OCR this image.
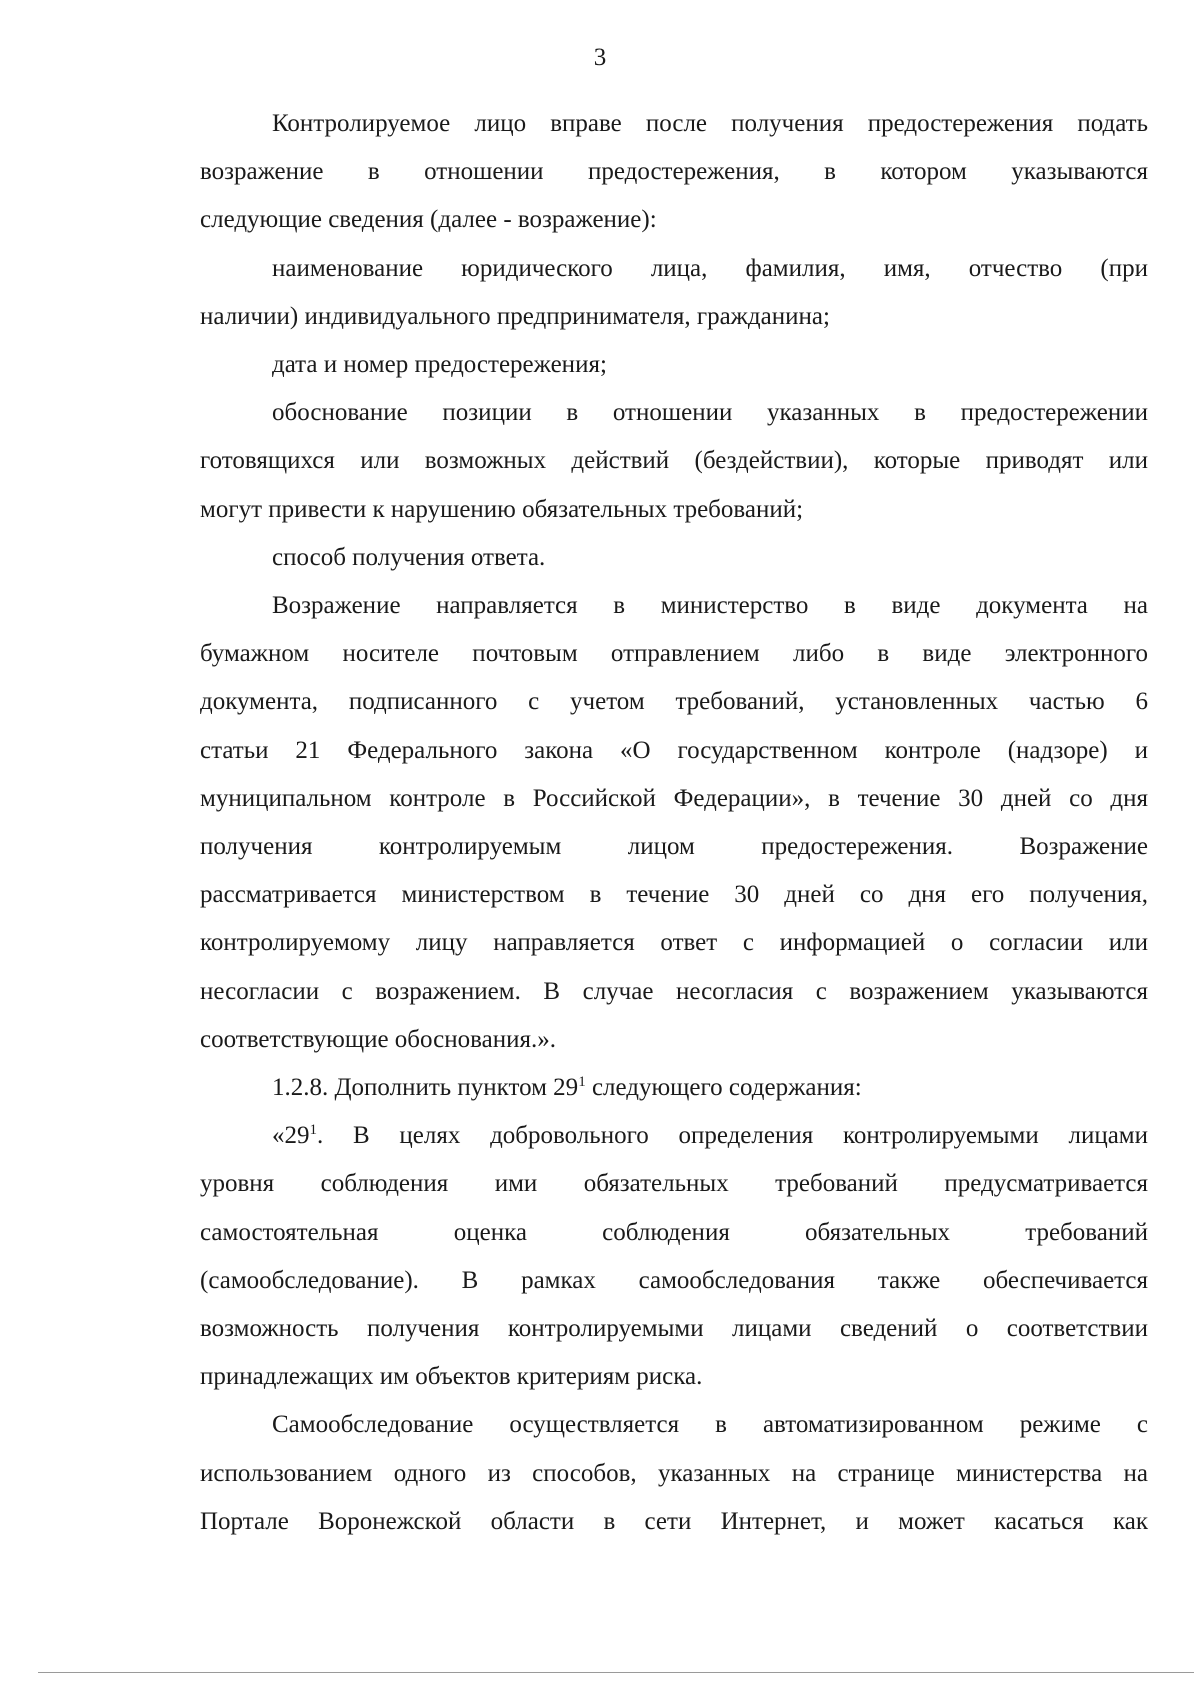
3
Контролируемое лицо вправе после получения предостережения подать
возражение в отношении предостережения, в котором указываются
следующие сведения (далее - возражение):
наименование юридического лица, фамилия, имя, отчество (при
наличии) индивидуального предпринимателя, гражданина;
дата и номер предостережения;
обоснование позиции в отношении указанных в предостережении
готовящихся или возможных действий (бездействии), которые приводят или
могут привести к нарушению обязательных требований;
способ получения ответа.
Возражение направляется в министерство в виде документа на
бумажном носителе почтовым отправлением либо в виде электронного
документа, подписанного с учетом требований, установленных частью 6
статьи 21 Федерального закона «О государственном контроле (надзоре) и
муниципальном контроле в Российской Федерации», в течение 30 дней со дня
получения контролируемым лицом предостережения. Возражение
рассматривается министерством в течение 30 дней со дня его получения,
контролируемому лицу направляется ответ с информацией о согласии или
несогласии с возражением. В случае несогласия с возражением указываются
соответствующие обоснования.».
1.2.8. Дополнить пунктом $29^1$ следующего содержания:
«$29^1$. В целях добровольного определения контролируемыми лицами
уровня соблюдения ими обязательных требований предусматривается
самостоятельная оценка соблюдения обязательных требований
(самообследование). В рамках самообследования также обеспечивается
возможность получения контролируемыми лицами сведений о соответствии
принадлежащих им объектов критериям риска.
Самообследование осуществляется в автоматизированном режиме с
использованием одного из способов, указанных на странице министерства на
Портале Воронежской области в сети Интернет, и может касаться как
